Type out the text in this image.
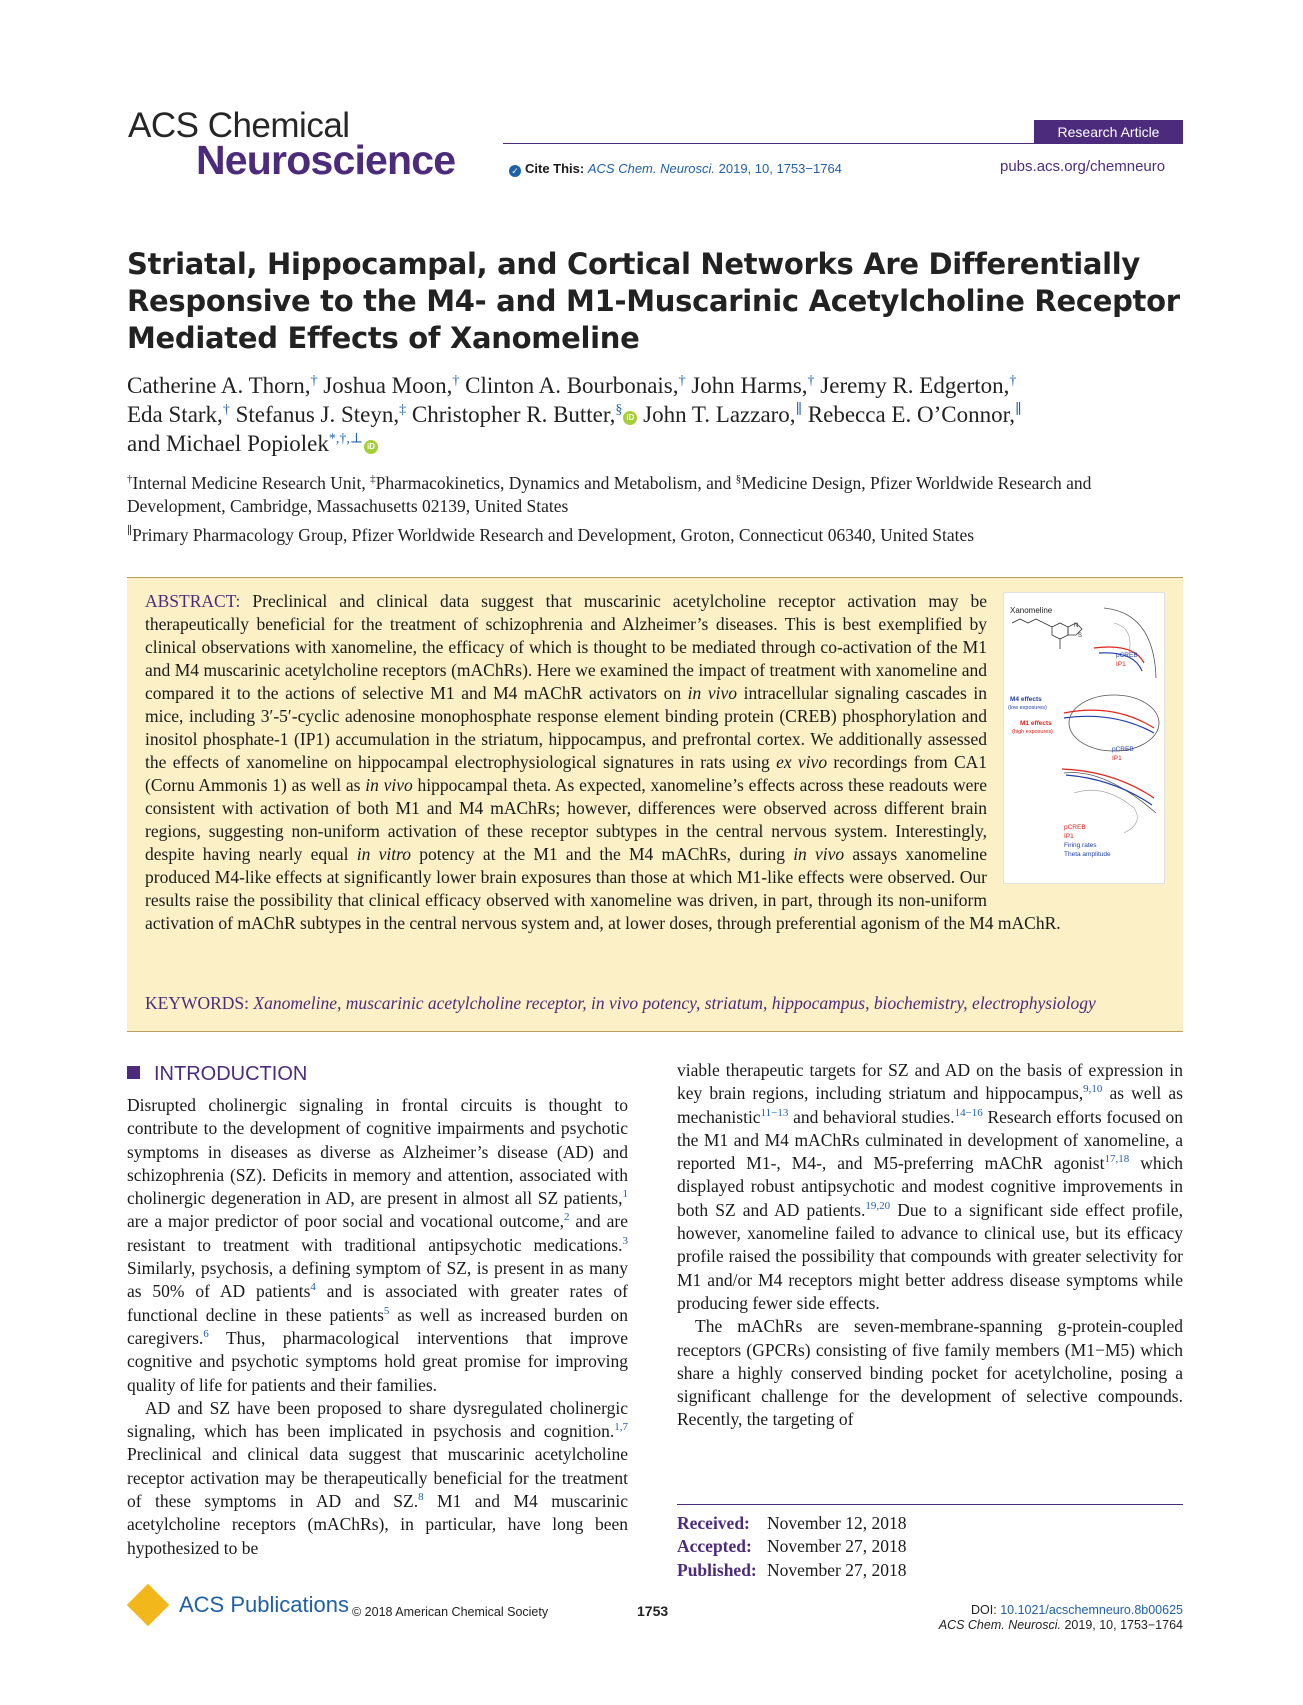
ACS Chemical
Neuroscience
Research Article
✓ Cite This: ACS Chem. Neurosci. 2019, 10, 1753−1764	pubs.acs.org/chemneuro
Striatal, Hippocampal, and Cortical Networks Are Differentially Responsive to the M4- and M1-Muscarinic Acetylcholine Receptor Mediated Effects of Xanomeline
Catherine A. Thorn,† Joshua Moon,† Clinton A. Bourbonais,† John Harms,† Jeremy R. Edgerton,†
Eda Stark,† Stefanus J. Steyn,‡ Christopher R. Butter,§iD John T. Lazzaro,∥ Rebecca E. O’Connor,∥
and Michael Popiolek*,†,⊥iD
†Internal Medicine Research Unit, ‡Pharmacokinetics, Dynamics and Metabolism, and §Medicine Design, Pfizer Worldwide Research and Development, Cambridge, Massachusetts 02139, United States
∥Primary Pharmacology Group, Pfizer Worldwide Research and Development, Groton, Connecticut 06340, United States
Xanomeline
N
S
pCREB
IP1
M4 effects
(low exposures)
M1 effects
(high exposures)
pCREB
IP1
pCREB
IP1
Firing rates
Theta amplitude
ABSTRACT: Preclinical and clinical data suggest that muscarinic acetylcholine receptor activation may be therapeutically beneficial for the treatment of schizophrenia and Alzheimer’s diseases. This is best exemplified by clinical observations with xanomeline, the efficacy of which is thought to be mediated through co-activation of the M1 and M4 muscarinic acetylcholine receptors (mAChRs). Here we examined the impact of treatment with xanomeline and compared it to the actions of selective M1 and M4 mAChR activators on in vivo intracellular signaling cascades in mice, including 3′-5′-cyclic adenosine monophosphate response element binding protein (CREB) phosphorylation and inositol phosphate-1 (IP1) accumulation in the striatum, hippocampus, and prefrontal cortex. We additionally assessed the effects of xanomeline on hippocampal electrophysiological signatures in rats using ex vivo recordings from CA1 (Cornu Ammonis 1) as well as in vivo hippocampal theta. As expected, xanomeline’s effects across these readouts were consistent with activation of both M1 and M4 mAChRs; however, differences were observed across different brain regions, suggesting non-uniform activation of these receptor subtypes in the central nervous system. Interestingly, despite having nearly equal in vitro potency at the M1 and the M4 mAChRs, during in vivo assays xanomeline produced M4-like effects at significantly lower brain exposures than those at which M1-like effects were observed. Our results raise the possibility that clinical efficacy observed with xanomeline was driven, in part, through its non-uniform activation of mAChR subtypes in the central nervous system and, at lower doses, through preferential agonism of the M4 mAChR.
KEYWORDS: Xanomeline, muscarinic acetylcholine receptor, in vivo potency, striatum, hippocampus, biochemistry, electrophysiology
INTRODUCTION

Disrupted cholinergic signaling in frontal circuits is thought to contribute to the development of cognitive impairments and psychotic symptoms in diseases as diverse as Alzheimer’s disease (AD) and schizophrenia (SZ). Deficits in memory and attention, associated with cholinergic degeneration in AD, are present in almost all SZ patients,$^1$ are a major predictor of poor social and vocational outcome,$^2$ and are resistant to treatment with traditional antipsychotic medications.$^3$ Similarly, psychosis, a defining symptom of SZ, is present in as many as 50% of AD patients$^4$ and is associated with greater rates of functional decline in these patients$^5$ as well as increased burden on caregivers.$^6$ Thus, pharmacological interventions that improve cognitive and psychotic symptoms hold great promise for improving quality of life for patients and their families.

AD and SZ have been proposed to share dysregulated cholinergic signaling, which has been implicated in psychosis and cognition.$^{1,7}$ Preclinical and clinical data suggest that muscarinic acetylcholine receptor activation may be therapeutically beneficial for the treatment of these symptoms in AD and SZ.$^8$ M1 and M4 muscarinic acetylcholine receptors (mAChRs), in particular, have long been hypothesized to be

viable therapeutic targets for SZ and AD on the basis of expression in key brain regions, including striatum and hippocampus,$^{9,10}$ as well as mechanistic$^{11-13}$ and behavioral studies.$^{14-16}$ Research efforts focused on the M1 and M4 mAChRs culminated in development of xanomeline, a reported M1-, M4-, and M5-preferring mAChR agonist$^{17,18}$ which displayed robust antipsychotic and modest cognitive improvements in both SZ and AD patients.$^{19,20}$ Due to a significant side effect profile, however, xanomeline failed to advance to clinical use, but its efficacy profile raised the possibility that compounds with greater selectivity for M1 and/or M4 receptors might better address disease symptoms while producing fewer side effects.

The mAChRs are seven-membrane-spanning g-protein-coupled receptors (GPCRs) consisting of five family members (M1−M5) which share a highly conserved binding pocket for acetylcholine, posing a significant challenge for the development of selective compounds. Recently, the targeting of

Received: November 12, 2018
Accepted: November 27, 2018
Published: November 27, 2018
ACS Publications © 2018 American Chemical Society	1753	DOI: 10.1021/acschemneuro.8b00625
ACS Chem. Neurosci. 2019, 10, 1753−1764
